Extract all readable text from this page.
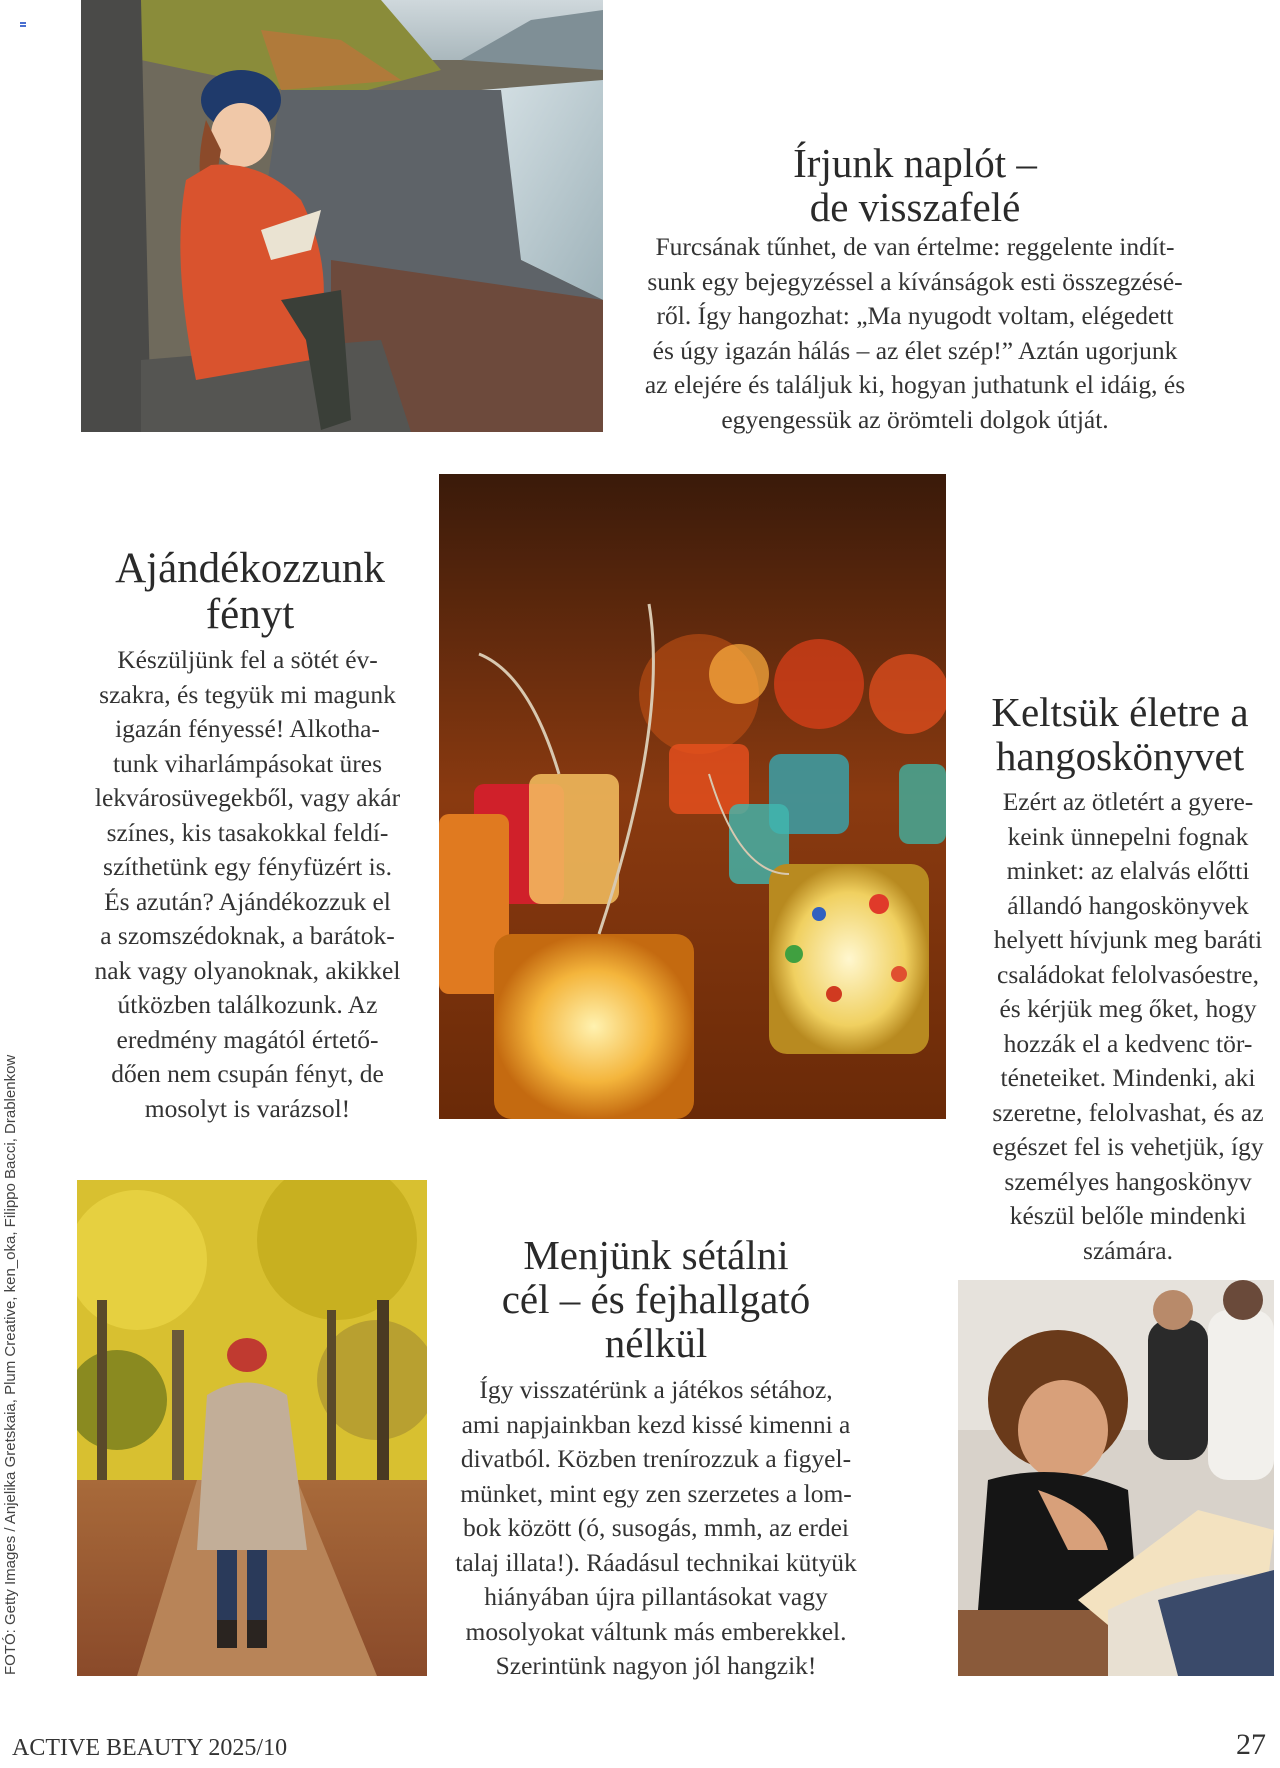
Írjunk naplót –
de visszafelé
Furcsának tűnhet, de van értelme: reggelente indít-
sunk egy bejegyzéssel a kívánságok esti összegzésé-
ről. Így hangozhat: „Ma nyugodt voltam, elégedett
és úgy igazán hálás – az élet szép!” Aztán ugorjunk
az elejére és találjuk ki, hogyan juthatunk el idáig, és
egyengessük az örömteli dolgok útját.
Ajándékozzunk
fényt
Készüljünk fel a sötét év-
szakra, és tegyük mi magunk
igazán fényessé! Alkotha-
tunk viharlámpásokat üres
lekvárosüvegekből, vagy akár
színes, kis tasakokkal feldí-
szíthetünk egy fényfüzért is.
És azután? Ajándékozzuk el
a szomszédoknak, a barátok-
nak vagy olyanoknak, akikkel
útközben találkozunk. Az
eredmény magától értető-
dően nem csupán fényt, de
mosolyt is varázsol!
Keltsük életre a
hangoskönyvet
Ezért az ötletért a gyere-
keink ünnepelni fognak
minket: az elalvás előtti
állandó hangoskönyvek
helyett hívjunk meg baráti
családokat felolvasóestre,
és kérjük meg őket, hogy
hozzák el a kedvenc tör-
téneteiket. Mindenki, aki
szeretne, felolvashat, és az
egészet fel is vehetjük, így
személyes hangoskönyv
készül belőle mindenki
számára.
Menjünk sétálni
cél – és fejhallgató
nélkül
Így visszatérünk a játékos sétához,
ami napjainkban kezd kissé kimenni a
divatból. Közben trenírozzuk a figyel-
münket, mint egy zen szerzetes a lom-
bok között (ó, susogás, mmh, az erdei
talaj illata!). Ráadásul technikai kütyük
hiányában újra pillantásokat vagy
mosolyokat váltunk más emberekkel.
Szerintünk nagyon jól hangzik!
FOTÓ: Getty Images / Anjelika Gretskaia, Plum Creative, ken_oka, Filippo Bacci, Drablenkow
ACTIVE BEAUTY 2025/10	27
